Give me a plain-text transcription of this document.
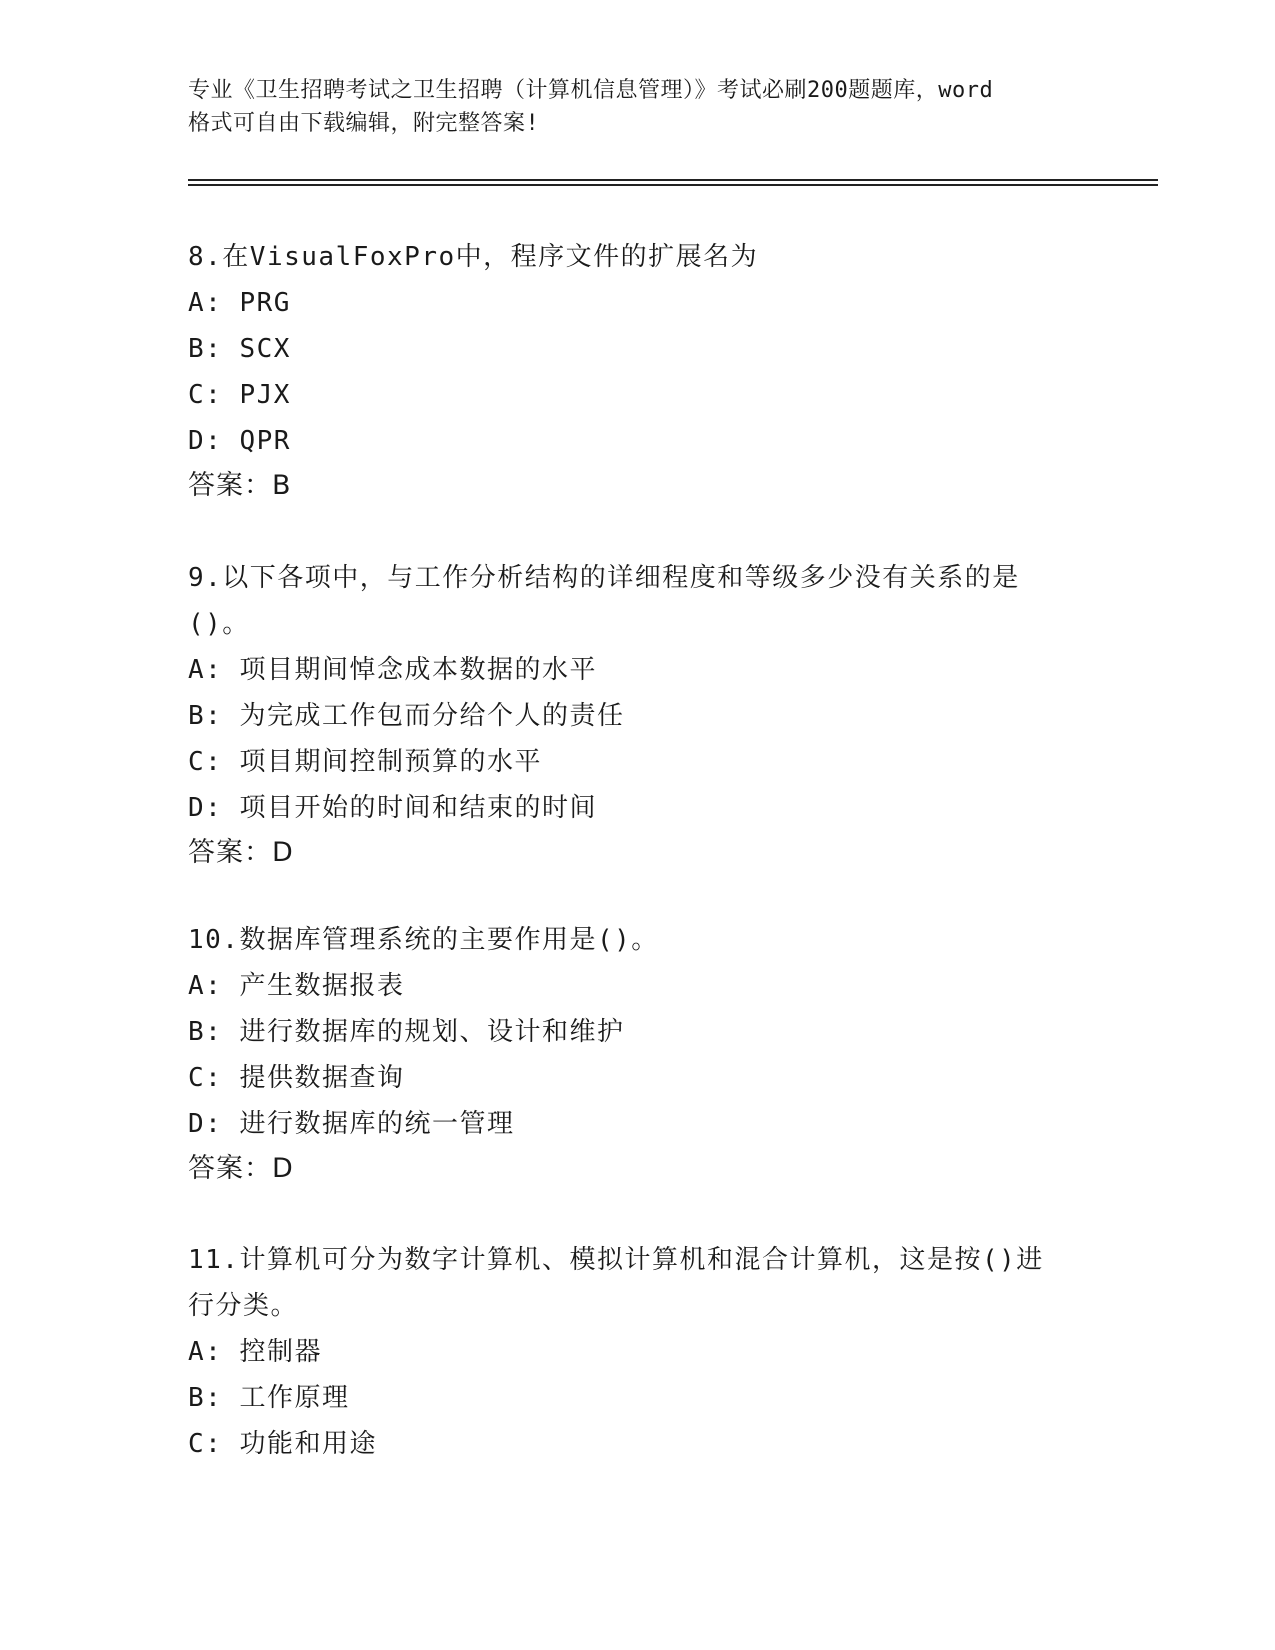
专业《卫生招聘考试之卫生招聘（计算机信息管理）》考试必刷200题题库，word
格式可自由下载编辑，附完整答案!
8.在VisualFoxPro中，程序文件的扩展名为
A: PRG
B: SCX
C: PJX
D: QPR
答案：B
9.以下各项中，与工作分析结构的详细程度和等级多少没有关系的是
()。
A: 项目期间悼念成本数据的水平
B: 为完成工作包而分给个人的责任
C: 项目期间控制预算的水平
D: 项目开始的时间和结束的时间
答案：D
10.数据库管理系统的主要作用是()。
A: 产生数据报表
B: 进行数据库的规划、设计和维护
C: 提供数据查询
D: 进行数据库的统一管理
答案：D
11.计算机可分为数字计算机、模拟计算机和混合计算机，这是按()进
行分类。
A: 控制器
B: 工作原理
C: 功能和用途
